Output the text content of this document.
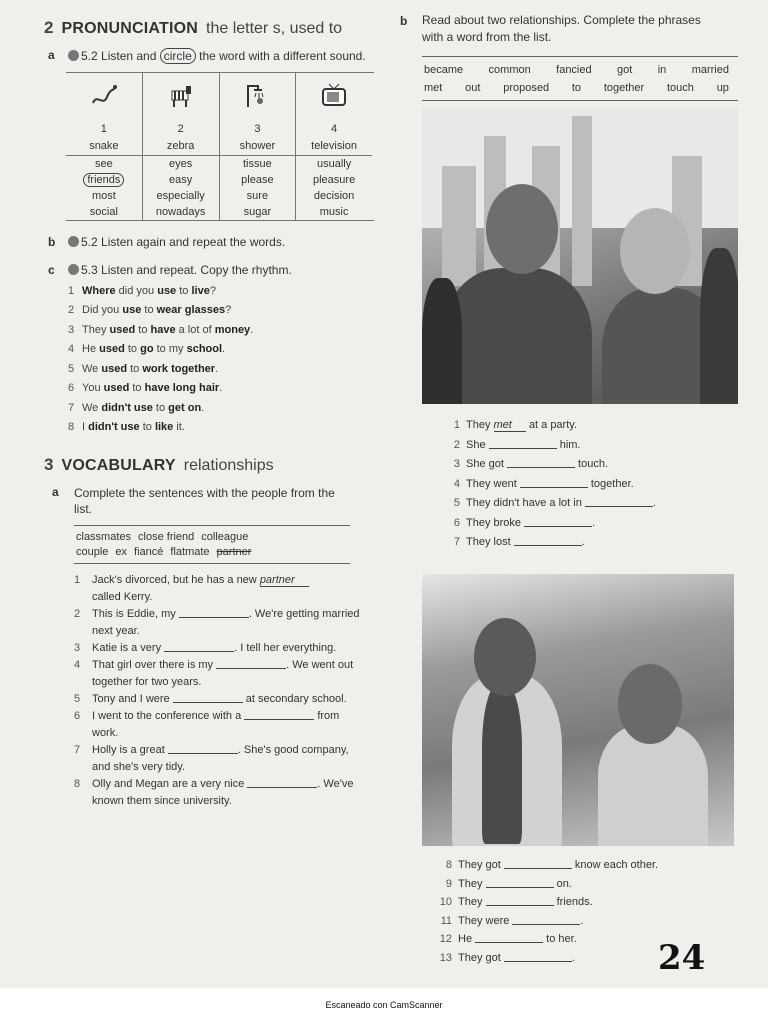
2 PRONUNCIATION the letter s, used to
a	5.2 Listen and circle the word with a different sound.

1	2	3	4
snake	zebra	shower	television
see	eyes	tissue	usually
friends	easy	please	pleasure
most	especially	sure	decision
social	nowadays	sugar	music
b	5.2 Listen again and repeat the words.
c	5.3 Listen and repeat. Copy the rhythm.
1 Where did you use to live?
2 Did you use to wear glasses?
3 They used to have a lot of money.
4 He used to go to my school.
5 We used to work together.
6 You used to have long hair.
7 We didn't use to get on.
8 I didn't use to like it.
3 VOCABULARY relationships
a Complete the sentences with the people from the list.
classmates close friend colleague
couple ex fiancé flatmate partner
1	Jack's divorced, but he has a new partner
called Kerry.
2	This is Eddie, my	. We're getting married
next year.
3	Katie is a very	. I tell her everything.
4	That girl over there is my	. We went out
together for two years.
5	Tony and I were	at secondary school.
6	I went to the conference with a	from
work.
7	Holly is a great	. She's good company,
and she's very tidy.
8	Olly and Megan are a very nice	. We've
known them since university.
b Read about two relationships. Complete the phrases with a word from the list.
became common fancied got in married
met out proposed to together touch up
1 They met at a party.
2 She	him.
3 She got	touch.
4 They went	together.
5 They didn't have a lot in	.
6 They broke	.
7 They lost	.
8 They got	know each other.
9 They	on.
10 They	friends.
11 They were	.
12 He	to her.
13 They got	. 24
Escaneado con CamScanner
